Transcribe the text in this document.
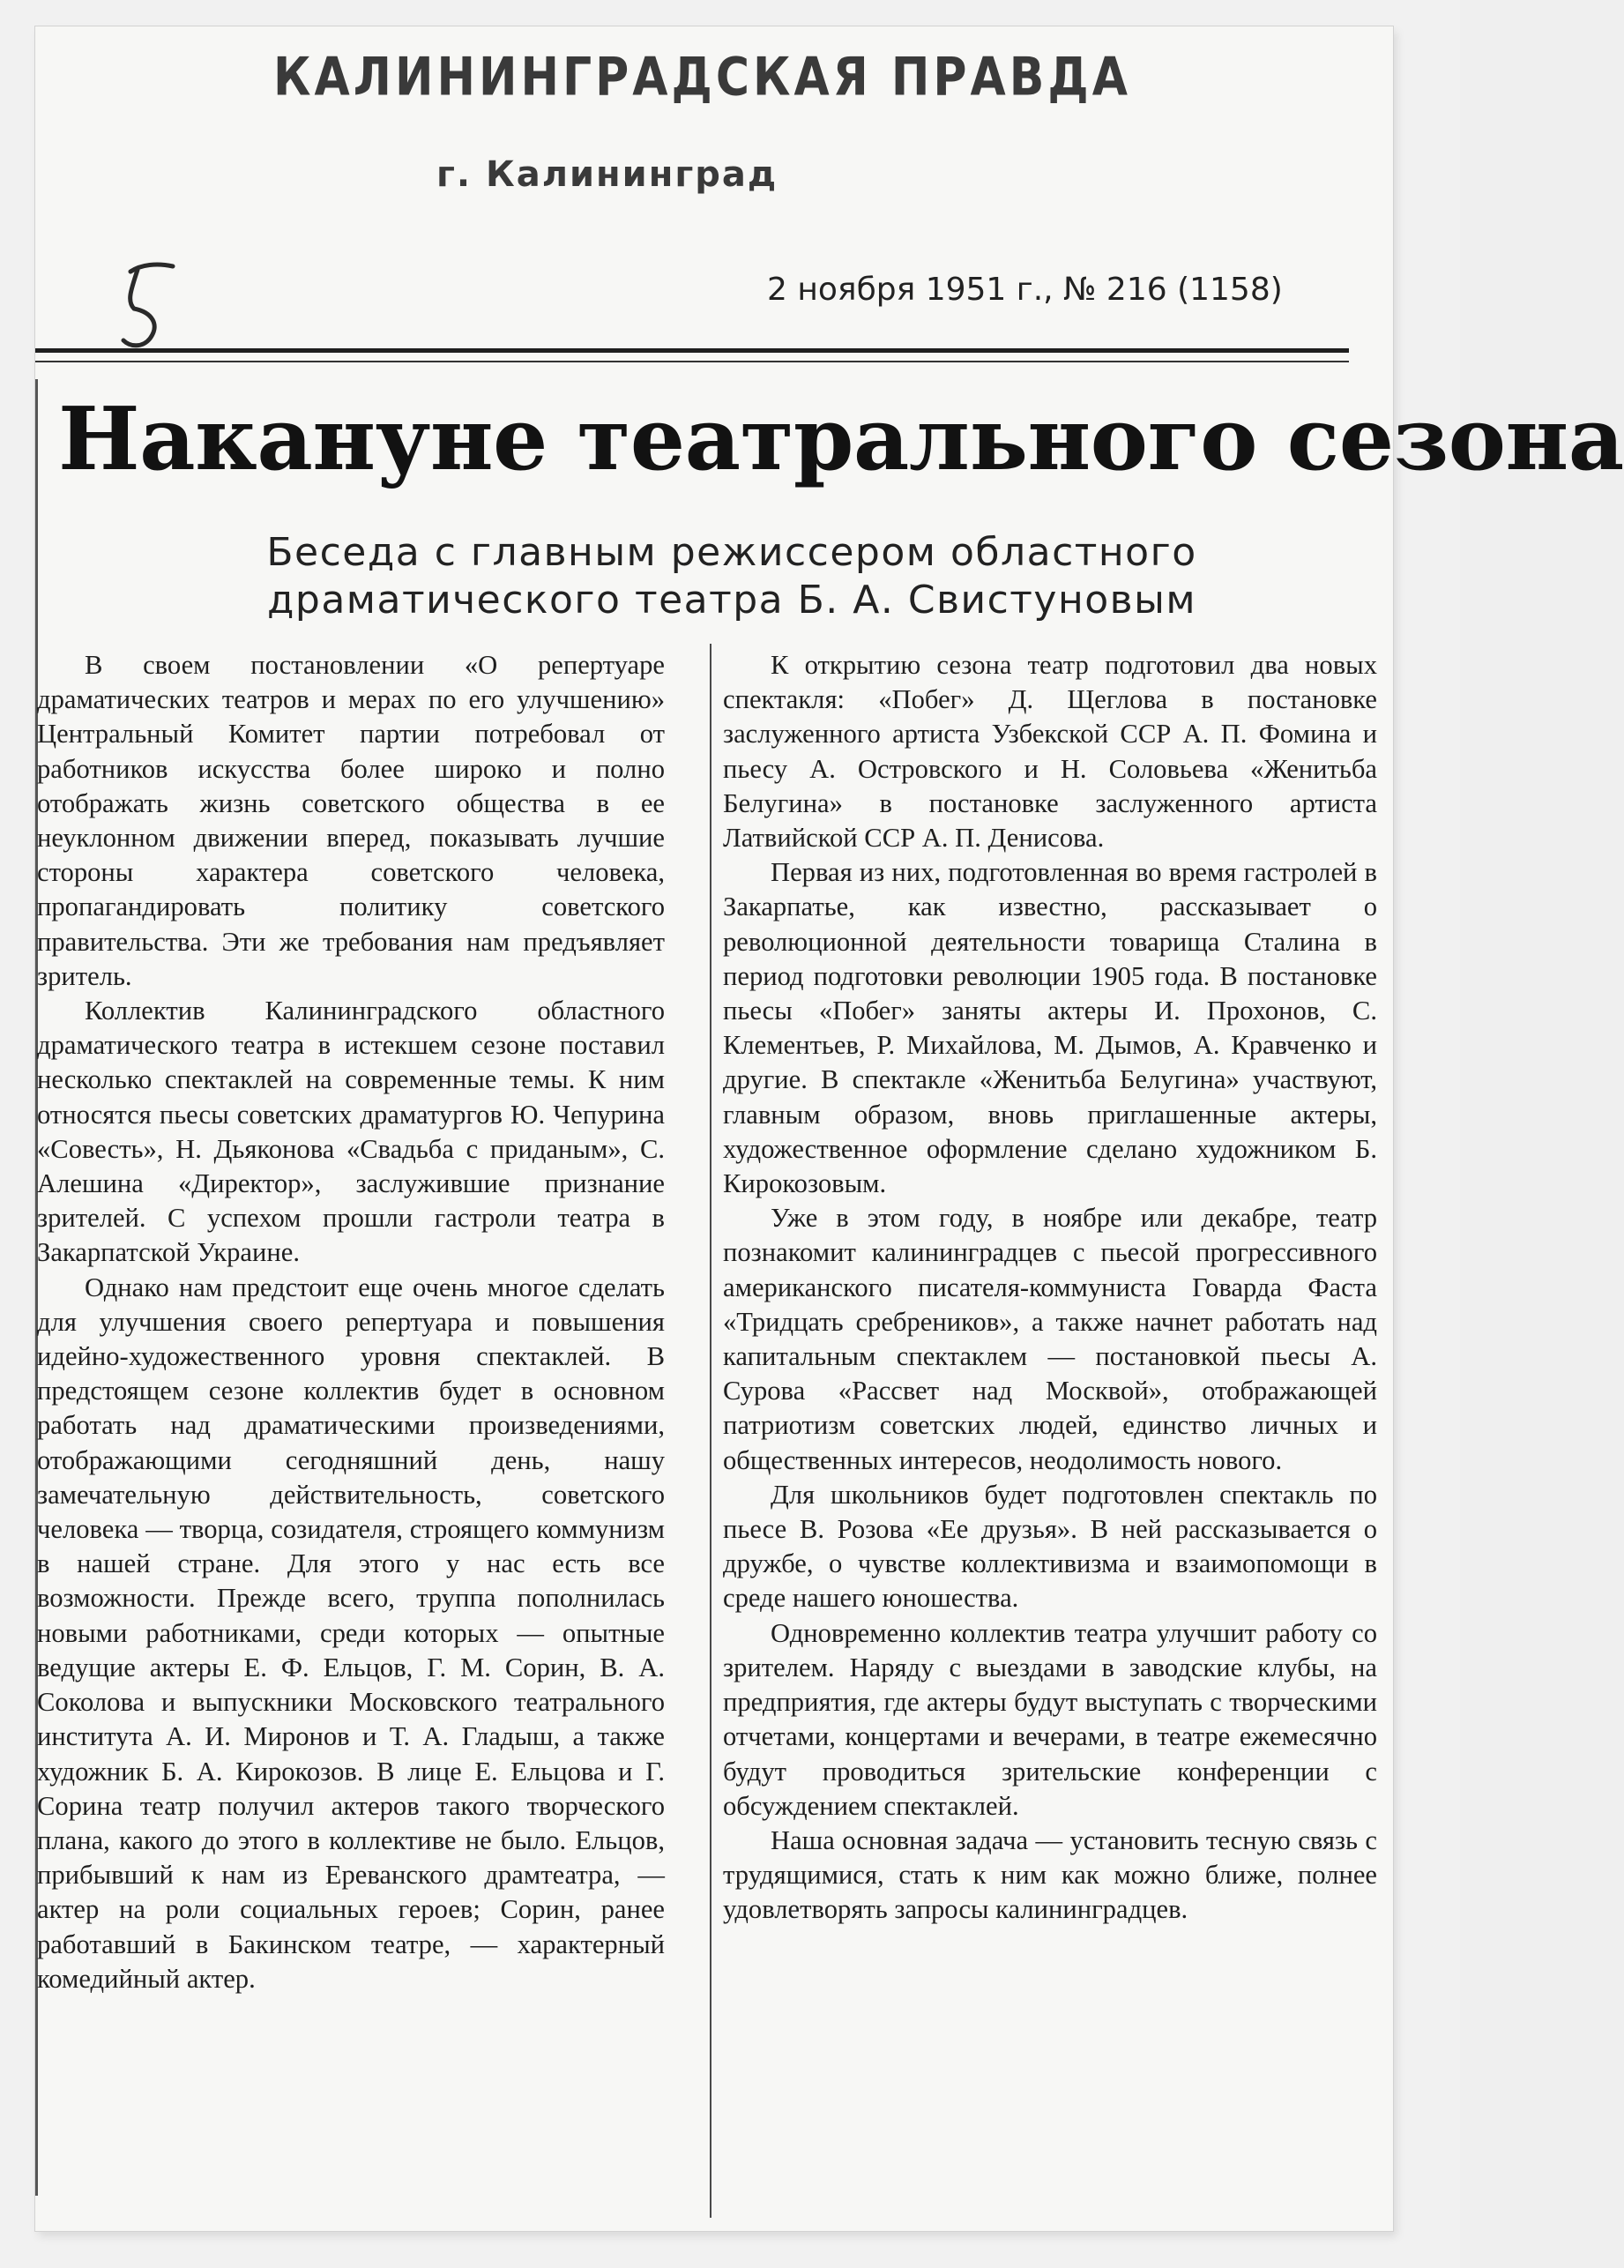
КАЛИНИНГРАДСКАЯ ПРАВДА
г. Калининград
2 ноября 1951 г., № 216 (1158)
Накануне театрального сезона
Беседа с главным режиссером областного
драматического театра Б. А. Свистуновым

В своем постановлении «О репертуаре драматических театров и мерах по его улучшению» Центральный Комитет партии потребовал от работников искусства более широко и полно отображать жизнь советского общества в ее неуклонном движении вперед, показывать лучшие стороны характера советского человека, пропагандировать политику советского правительства. Эти же требования нам предъявляет зритель.

Коллектив Калининградского областного драматического театра в истекшем сезоне поставил несколько спектаклей на современные темы. К ним относятся пьесы советских драматургов Ю. Чепурина «Совесть», Н. Дьяконова «Свадьба с приданым», С. Алешина «Директор», заслужившие признание зрителей. С успехом прошли гастроли театра в Закарпатской Украине.

Однако нам предстоит еще очень многое сделать для улучшения своего репертуара и повышения идейно-художественного уровня спектаклей. В предстоящем сезоне коллектив будет в основном работать над драматическими произведениями, отображающими сегодняшний день, нашу замечательную действительность, советского человека — творца, созидателя, строящего коммунизм в нашей стране. Для этого у нас есть все возможности. Прежде всего, труппа пополнилась новыми работниками, среди которых — опытные ведущие актеры Е. Ф. Ельцов, Г. М. Сорин, В. А. Соколова и выпускники Московского театрального института А. И. Миронов и Т. А. Гладыш, а также художник Б. А. Кирокозов. В лице Е. Ельцова и Г. Сорина театр получил актеров такого творческого плана, какого до этого в коллективе не было. Ельцов, прибывший к нам из Ереванского драмтеатра, — актер на роли социальных героев; Сорин, ранее работавший в Бакинском театре, — характерный комедийный актер.

К открытию сезона театр подготовил два новых спектакля: «Побег» Д. Щеглова в постановке заслуженного артиста Узбекской ССР А. П. Фомина и пьесу А. Островского и Н. Соловьева «Женитьба Белугина» в постановке заслуженного артиста Латвийской ССР А. П. Денисова.

Первая из них, подготовленная во время гастролей в Закарпатье, как известно, рассказывает о революционной деятельности товарища Сталина в период подготовки революции 1905 года. В постановке пьесы «Побег» заняты актеры И. Прохонов, С. Клементьев, Р. Михайлова, М. Дымов, А. Кравченко и другие. В спектакле «Женитьба Белугина» участвуют, главным образом, вновь приглашенные актеры, художественное оформление сделано художником Б. Кирокозовым.

Уже в этом году, в ноябре или декабре, театр познакомит калининградцев с пьесой прогрессивного американского писателя-коммуниста Говарда Фаста «Тридцать сребреников», а также начнет работать над капитальным спектаклем — постановкой пьесы А. Сурова «Рассвет над Москвой», отображающей патриотизм советских людей, единство личных и общественных интересов, неодолимость нового.

Для школьников будет подготовлен спектакль по пьесе В. Розова «Ее друзья». В ней рассказывается о дружбе, о чувстве коллективизма и взаимопомощи в среде нашего юношества.

Одновременно коллектив театра улучшит работу со зрителем. Наряду с выездами в заводские клубы, на предприятия, где актеры будут выступать с творческими отчетами, концертами и вечерами, в театре ежемесячно будут проводиться зрительские конференции с обсуждением спектаклей.

Наша основная задача — установить тесную связь с трудящимися, стать к ним как можно ближе, полнее удовлетворять запросы калининградцев.
